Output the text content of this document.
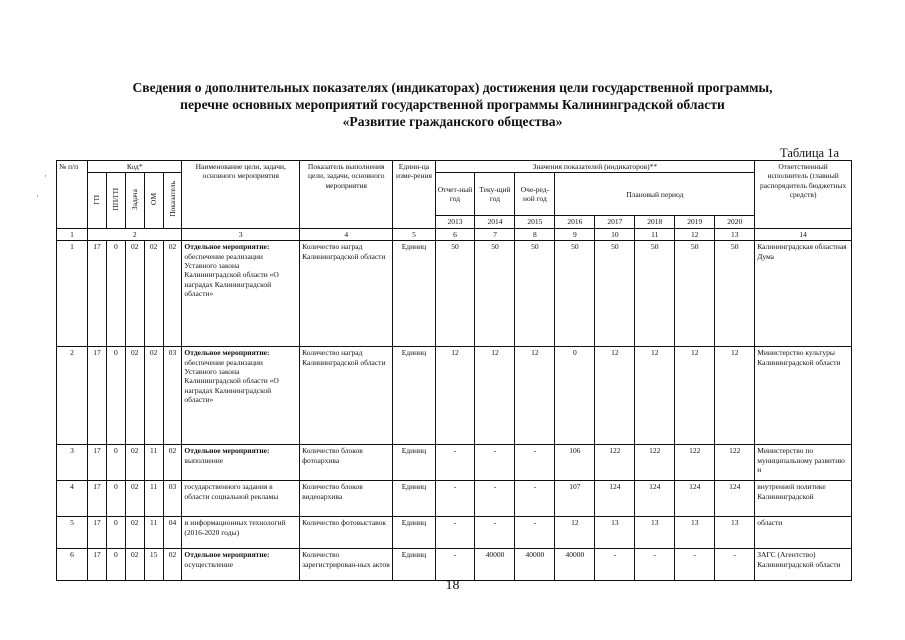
Сведения о дополнительных показателях (индикаторах) достижения цели государственной программы,
перечне основных мероприятий государственной программы Калининградской области
«Развитие гражданского общества»
·
·
Таблица 1а
№ п/п	Код*					Наименование цели, задачи, основного мероприятия	Показатель выполнения цели, задачи, основного мероприятия	Едини-ца изме-рения	Значения показателей (индикаторов)**								Ответственный исполнитель (главный распорядитель бюджетных средств)
	ГП	ПП/ГП	Задача	ОМ	Показатель				Отчет-ный год	Теку-щий год	Оче-ред-ной год	Плановый период					
									2013	2014	2015	2016	2017	2018	2019	2020	
1	2					3	4	5	6	7	8	9	10	11	12	13	14
1	17	0	02	02	02	Отдельное мероприятие:
обеспечение реализации Уставного закона Калининградской области «О наградах Калининградской области»	Количество наград Калининградской области	Единиц	50	50	50	50	50	50	50	50	Калининградская областная Дума
2	17	0	02	02	03	Отдельное мероприятие:
обеспечение реализации Уставного закона Калининградской области «О наградах Калининградской области»	Количество наград Калининградской области	Единиц	12	12	12	0	12	12	12	12	Министерство культуры Калининградской области
3	17	0	02	11	02	Отдельное мероприятие:
выполнение	Количество блоков фотоархива	Единиц	-	-	-	106	122	122	122	122	Министерство по муниципальному развитию и
4	17	0	02	11	03	государственного задания в области социальной рекламы	Количество блоков видеоархива	Единиц	-	-	-	107	124	124	124	124	внутренней политике Калининградской
5	17	0	02	11	04	и информационных технологий (2016-2020 годы)	Количество фотовыставок	Единиц	-	-	-	12	13	13	13	13	области
6	17	0	02	15	02	Отдельное мероприятие:
осуществление	Количество зарегистрирован-ных актов	Единиц	-	40000	40000	40000	-	-	-	-	ЗАГС (Агентство) Калининградской области
18
